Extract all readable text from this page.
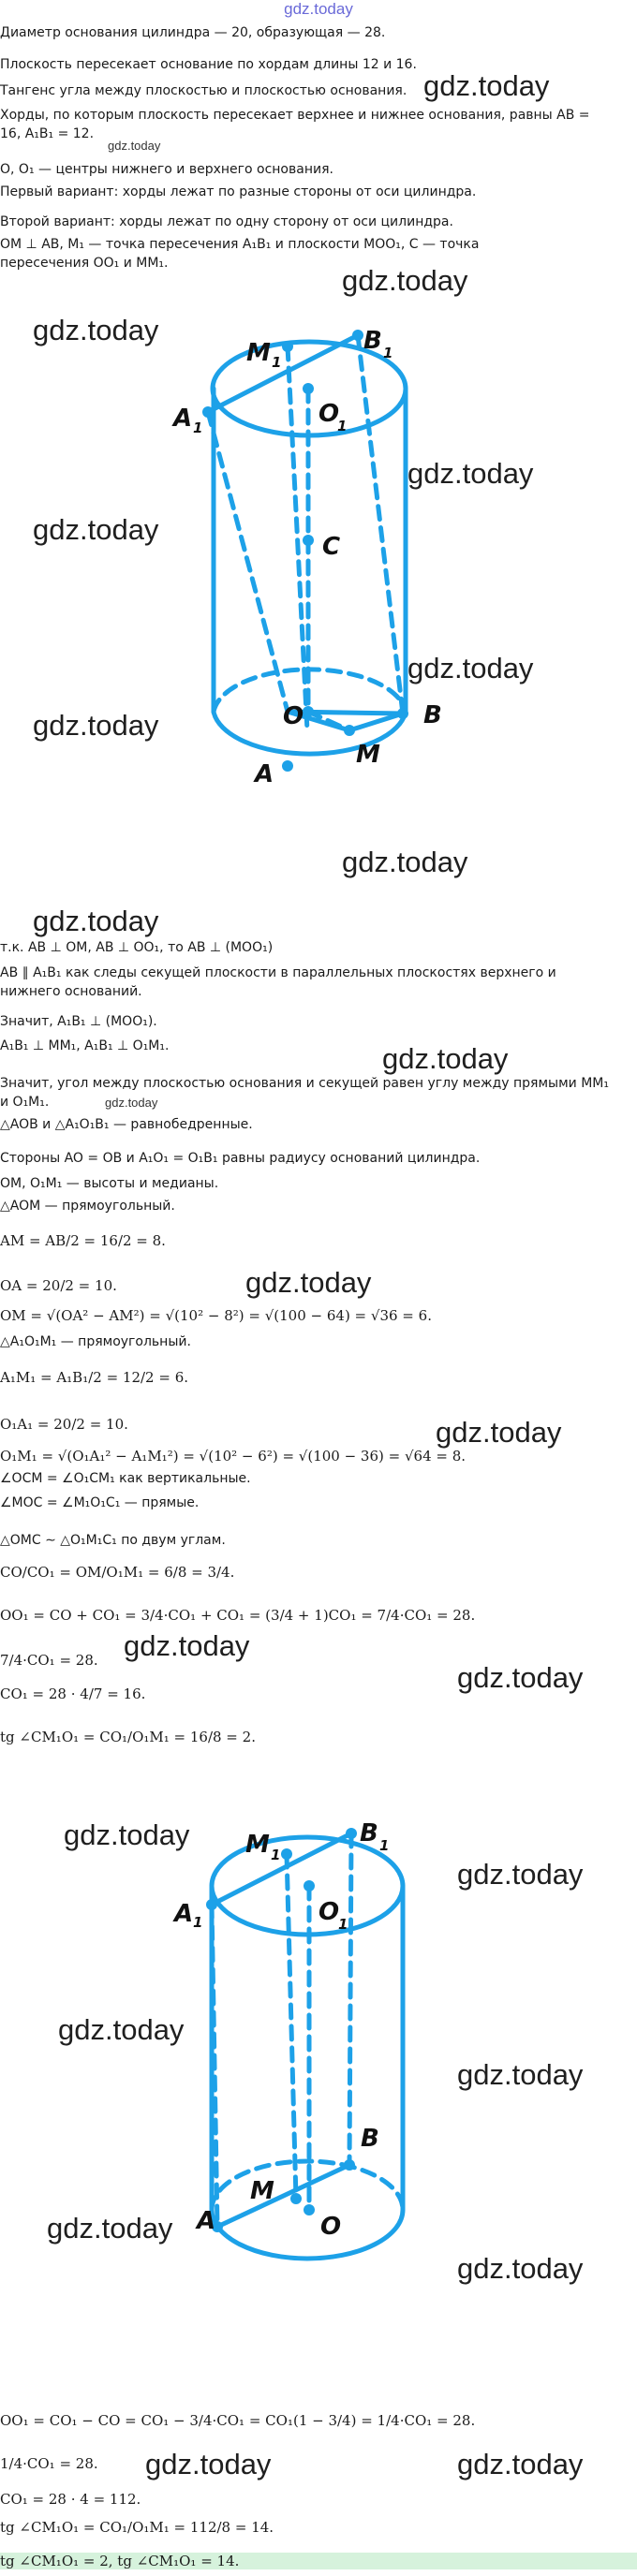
gdz.today
Диаметр основания цилиндра — 20, образующая — 28.
Плоскость пересекает основание по хордам длины 12 и 16.
Тангенс угла между плоскостью и плоскостью основания. gdz.today
Хорды, по которым плоскость пересекает верхнее и нижнее основания, равны AB =
16, A₁B₁ = 12.
gdz.today
O, O₁ — центры нижнего и верхнего основания.
Первый вариант: хорды лежат по разные стороны от оси цилиндра.
Второй вариант: хорды лежат по одну сторону от оси цилиндра.
OM ⊥ AB, M₁ — точка пересечения A₁B₁ и плоскости MOO₁, C — точка
пересечения OO₁ и MM₁.
gdz.today
M 1
B 1
A 1	O
1
C
O	B
M
A
gdz.today
gdz.today
gdz.today
gdz.today
gdz.today
gdz.today
gdz.today
т.к. AB ⊥ OM, AB ⊥ OO₁, то AB ⊥ (MOO₁)
AB ∥ A₁B₁ как следы секущей плоскости в параллельных плоскостях верхнего и
нижнего оснований.
Значит, A₁B₁ ⊥ (MOO₁).
A₁B₁ ⊥ MM₁, A₁B₁ ⊥ O₁M₁.	gdz.today
Значит, угол между плоскостью основания и секущей равен углу между прямыми MM₁
и O₁M₁.	gdz.today
△AOB и △A₁O₁B₁ — равнобедренные.
Стороны AO = OB и A₁O₁ = O₁B₁ равны радиусу оснований цилиндра.
OM, O₁M₁ — высоты и медианы.
△AOM — прямоугольный.
AM = AB/2 = 16/2 = 8.
OA = 20/2 = 10.	gdz.today
OM = √(OA² − AM²) = √(10² − 8²) = √(100 − 64) = √36 = 6.
△A₁O₁M₁ — прямоугольный.
A₁M₁ = A₁B₁/2 = 12/2 = 6.
O₁A₁ = 20/2 = 10.
O₁M₁ = √(O₁A₁² − A₁M₁²) = √(10² − 6²) = √(100 − 36) = √64 = 8.
gdz.today
∠OCM = ∠O₁CM₁ как вертикальные.
∠MOC = ∠M₁O₁C₁ — прямые.
△OMC ∼ △O₁M₁C₁ по двум углам.
CO/CO₁ = OM/O₁M₁ = 6/8 = 3/4.
OO₁ = CO + CO₁ = 3/4·CO₁ + CO₁ = (3/4 + 1)CO₁ = 7/4·CO₁ = 28.
7/4·CO₁ = 28. gdz.today
gdz.today
CO₁ = 28 · 4/7 = 16.
tg ∠CM₁O₁ = CO₁/O₁M₁ = 16/8 = 2.
M 1
B 1
A 1	O
1
B
M
A	O
gdz.today
gdz.today
gdz.today
gdz.today
gdz.today
gdz.today
OO₁ = CO₁ − CO = CO₁ − 3/4·CO₁ = CO₁(1 − 3/4) = 1/4·CO₁ = 28.
1/4·CO₁ = 28. gdz.today	gdz.today
CO₁ = 28 · 4 = 112.
tg ∠CM₁O₁ = CO₁/O₁M₁ = 112/8 = 14.
tg ∠CM₁O₁ = 2, tg ∠CM₁O₁ = 14.
